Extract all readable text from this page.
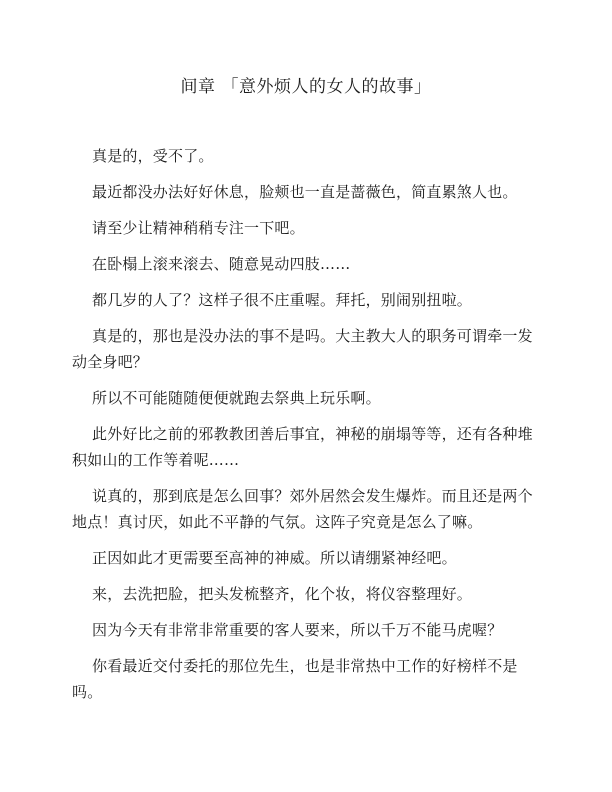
间章 「意外烦人的女人的故事」

真是的，受不了。

最近都没办法好好休息，脸颊也一直是蔷薇色，简直累煞人也。

请至少让精神稍稍专注一下吧。

在卧榻上滚来滚去、随意晃动四肢……

都几岁的人了？这样子很不庄重喔。拜托，别闹别扭啦。

真是的，那也是没办法的事不是吗。大主教大人的职务可谓牵一发
动全身吧？

所以不可能随随便便就跑去祭典上玩乐啊。

此外好比之前的邪教教团善后事宜，神秘的崩塌等等，还有各种堆
积如山的工作等着呢……

说真的，那到底是怎么回事？郊外居然会发生爆炸。而且还是两个
地点！真讨厌，如此不平静的气氛。这阵子究竟是怎么了嘛。

正因如此才更需要至高神的神威。所以请绷紧神经吧。

来，去洗把脸，把头发梳整齐，化个妆，将仪容整理好。

因为今天有非常非常重要的客人要来，所以千万不能马虎喔？

你看最近交付委托的那位先生，也是非常热中工作的好榜样不是
吗。
